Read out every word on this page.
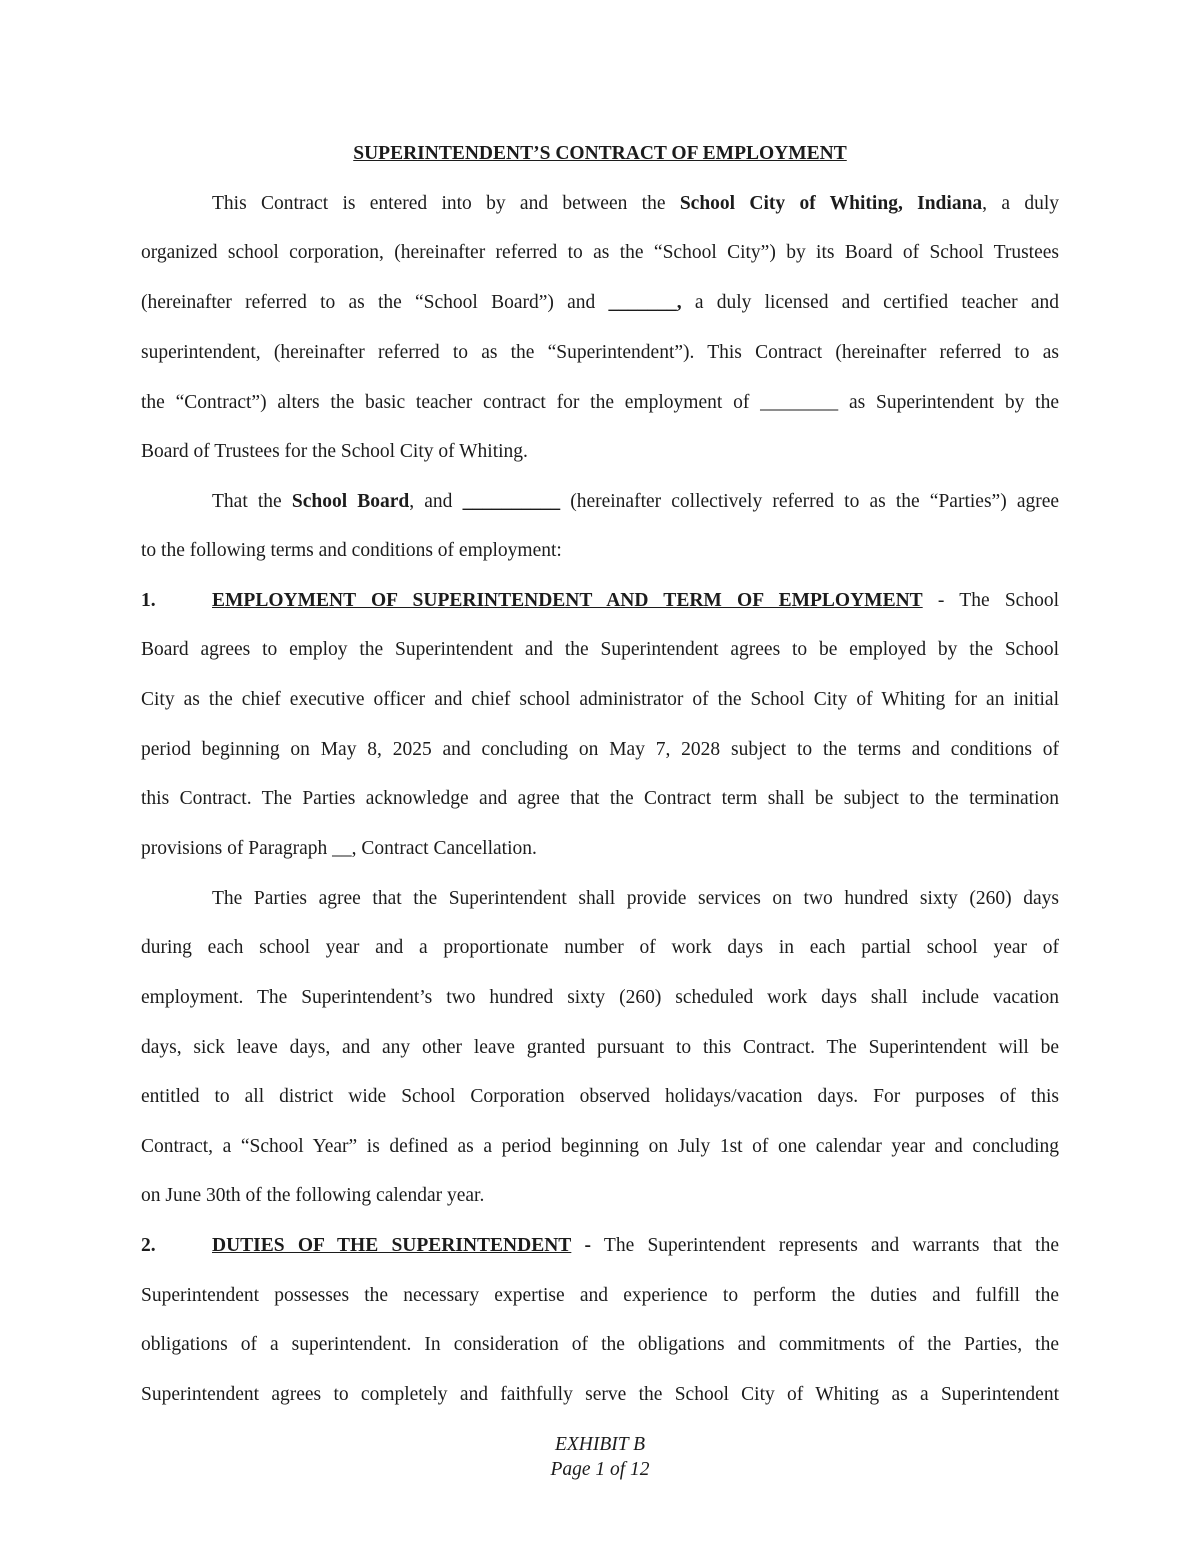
SUPERINTENDENT’S CONTRACT OF EMPLOYMENT
This Contract is entered into by and between the School City of Whiting, Indiana, a duly
organized school corporation, (hereinafter referred to as the “School City”) by its Board of School Trustees
(hereinafter referred to as the “School Board”) and _______, a duly licensed and certified teacher and
superintendent, (hereinafter referred to as the “Superintendent”). This Contract (hereinafter referred to as
the “Contract”) alters the basic teacher contract for the employment of ________ as Superintendent by the
Board of Trustees for the School City of Whiting.
That the School Board, and __________ (hereinafter collectively referred to as the “Parties”) agree
to the following terms and conditions of employment:
1.	EMPLOYMENT OF SUPERINTENDENT AND TERM OF EMPLOYMENT - The School
Board agrees to employ the Superintendent and the Superintendent agrees to be employed by the School
City as the chief executive officer and chief school administrator of the School City of Whiting for an initial
period beginning on May 8, 2025 and concluding on May 7, 2028 subject to the terms and conditions of
this Contract. The Parties acknowledge and agree that the Contract term shall be subject to the termination
provisions of Paragraph __, Contract Cancellation.
The Parties agree that the Superintendent shall provide services on two hundred sixty (260) days
during each school year and a proportionate number of work days in each partial school year of
employment. The Superintendent’s two hundred sixty (260) scheduled work days shall include vacation
days, sick leave days, and any other leave granted pursuant to this Contract. The Superintendent will be
entitled to all district wide School Corporation observed holidays/vacation days. For purposes of this
Contract, a “School Year” is defined as a period beginning on July 1st of one calendar year and concluding
on June 30th of the following calendar year.
2.	DUTIES OF THE SUPERINTENDENT - The Superintendent represents and warrants that the
Superintendent possesses the necessary expertise and experience to perform the duties and fulfill the
obligations of a superintendent. In consideration of the obligations and commitments of the Parties, the
Superintendent agrees to completely and faithfully serve the School City of Whiting as a Superintendent
EXHIBIT B
Page 1 of 12
